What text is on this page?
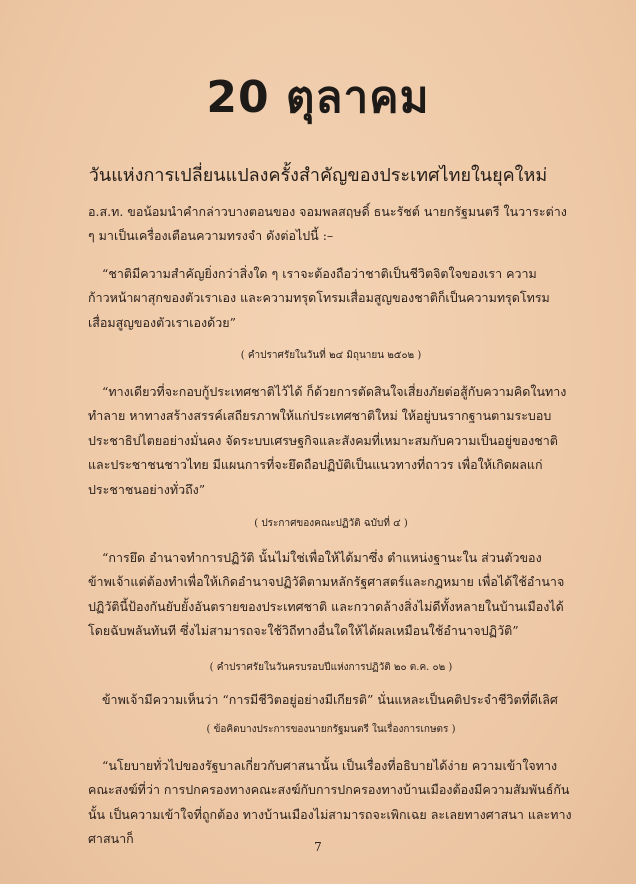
20 ตุลาคม
วันแห่งการเปลี่ยนแปลงครั้งสำคัญของประเทศไทยในยุคใหม่
อ.ส.ท. ขอน้อมนำคำกล่าวบางตอนของ จอมพลสฤษดิ์ ธนะรัชต์ นายกรัฐมนตรี ในวาระต่าง ๆ มาเป็นเครื่องเตือนความทรงจำ ดังต่อไปนี้ :–
“ชาติมีความสำคัญยิ่งกว่าสิ่งใด ๆ เราจะต้องถือว่าชาติเป็นชีวิตจิตใจของเรา ความก้าวหน้าผาสุกของตัวเราเอง และความทรุดโทรมเสื่อมสูญของชาติก็เป็นความทรุดโทรมเสื่อมสูญของตัวเราเองด้วย”
( คำปราศรัยในวันที่ ๒๔ มิถุนายน ๒๕๐๒ )
“ทางเดียวที่จะกอบกู้ประเทศชาติไว้ได้ ก็ด้วยการตัดสินใจเสี่ยงภัยต่อสู้กับความคิดในทางทำลาย หาทางสร้างสรรค์เสถียรภาพให้แก่ประเทศชาติใหม่ ให้อยู่บนรากฐานตามระบอบประชาธิปไตยอย่างมั่นคง จัดระบบเศรษฐกิจและสังคมที่เหมาะสมกับความเป็นอยู่ของชาติและประชาชนชาวไทย มีแผนการที่จะยึดถือปฏิบัติเป็นแนวทางที่ถาวร เพื่อให้เกิดผลแก่ประชาชนอย่างทั่วถึง”
( ประกาศของคณะปฏิวัติ ฉบับที่ ๔ )
“การยึด อำนาจทำการปฏิวัติ นั้นไม่ใช่เพื่อให้ได้มาซึ่ง ตำแหน่งฐานะใน ส่วนตัวของ ข้าพเจ้าแต่ต้องทำเพื่อให้เกิดอำนาจปฏิวัติตามหลักรัฐศาสตร์และกฎหมาย เพื่อได้ใช้อำนาจปฏิวัตินี้ป้องกันยับยั้งอันตรายของประเทศชาติ และกวาดล้างสิ่งไม่ดีทั้งหลายในบ้านเมืองได้โดยฉับพลันทันที ซึ่งไม่สามารถจะใช้วิถีทางอื่นใดให้ได้ผลเหมือนใช้อำนาจปฏิวัติ”
( คำปราศรัยในวันครบรอบปีแห่งการปฏิวัติ ๒๐ ต.ค. ๐๒ )
ข้าพเจ้ามีความเห็นว่า “การมีชีวิตอยู่อย่างมีเกียรติ” นั่นแหละเป็นคติประจำชีวิตที่ดีเลิศ
( ข้อคิดบางประการของนายกรัฐมนตรี ในเรื่องการเกษตร )
“นโยบายทั่วไปของรัฐบาลเกี่ยวกับศาสนานั้น เป็นเรื่องที่อธิบายได้ง่าย ความเข้าใจทางคณะสงฆ์ที่ว่า การปกครองทางคณะสงฆ์กับการปกครองทางบ้านเมืองต้องมีความสัมพันธ์กันนั้น เป็นความเข้าใจที่ถูกต้อง ทางบ้านเมืองไม่สามารถจะเพิกเฉย ละเลยทางศาสนา และทางศาสนาก็
7
